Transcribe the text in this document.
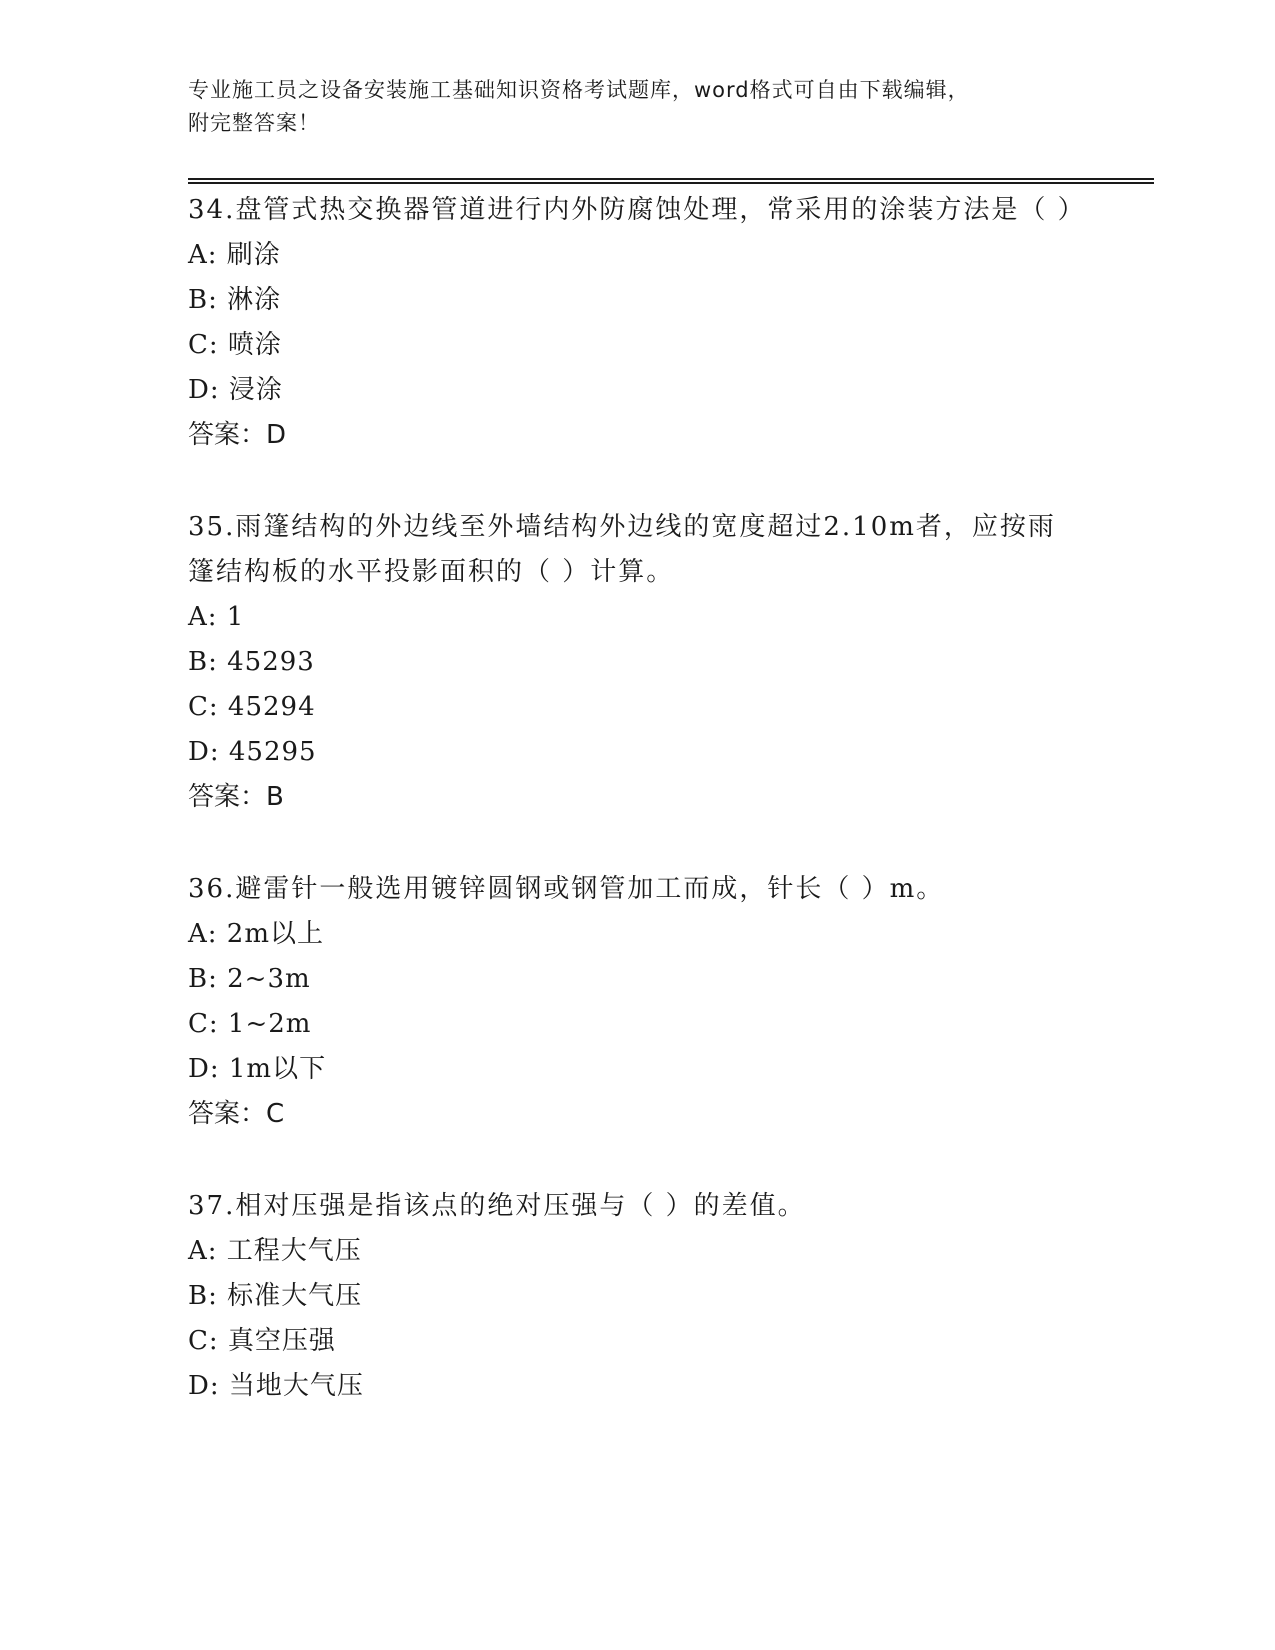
专业施工员之设备安装施工基础知识资格考试题库，word格式可自由下载编辑，
附完整答案！

34.盘管式热交换器管道进行内外防腐蚀处理，常采用的涂装方法是（ ）

A: 刷涂

B: 淋涂

C: 喷涂

D: 浸涂

答案：D

35.雨篷结构的外边线至外墙结构外边线的宽度超过2.10m者，应按雨篷结构板的水平投影面积的（ ）计算。

A: 1

B: 45293

C: 45294

D: 45295

答案：B

36.避雷针一般选用镀锌圆钢或钢管加工而成，针长（ ）m。

A: 2m以上

B: 2~3m

C: 1~2m

D: 1m以下

答案：C

37.相对压强是指该点的绝对压强与（ ）的差值。

A: 工程大气压

B: 标准大气压

C: 真空压强

D: 当地大气压
